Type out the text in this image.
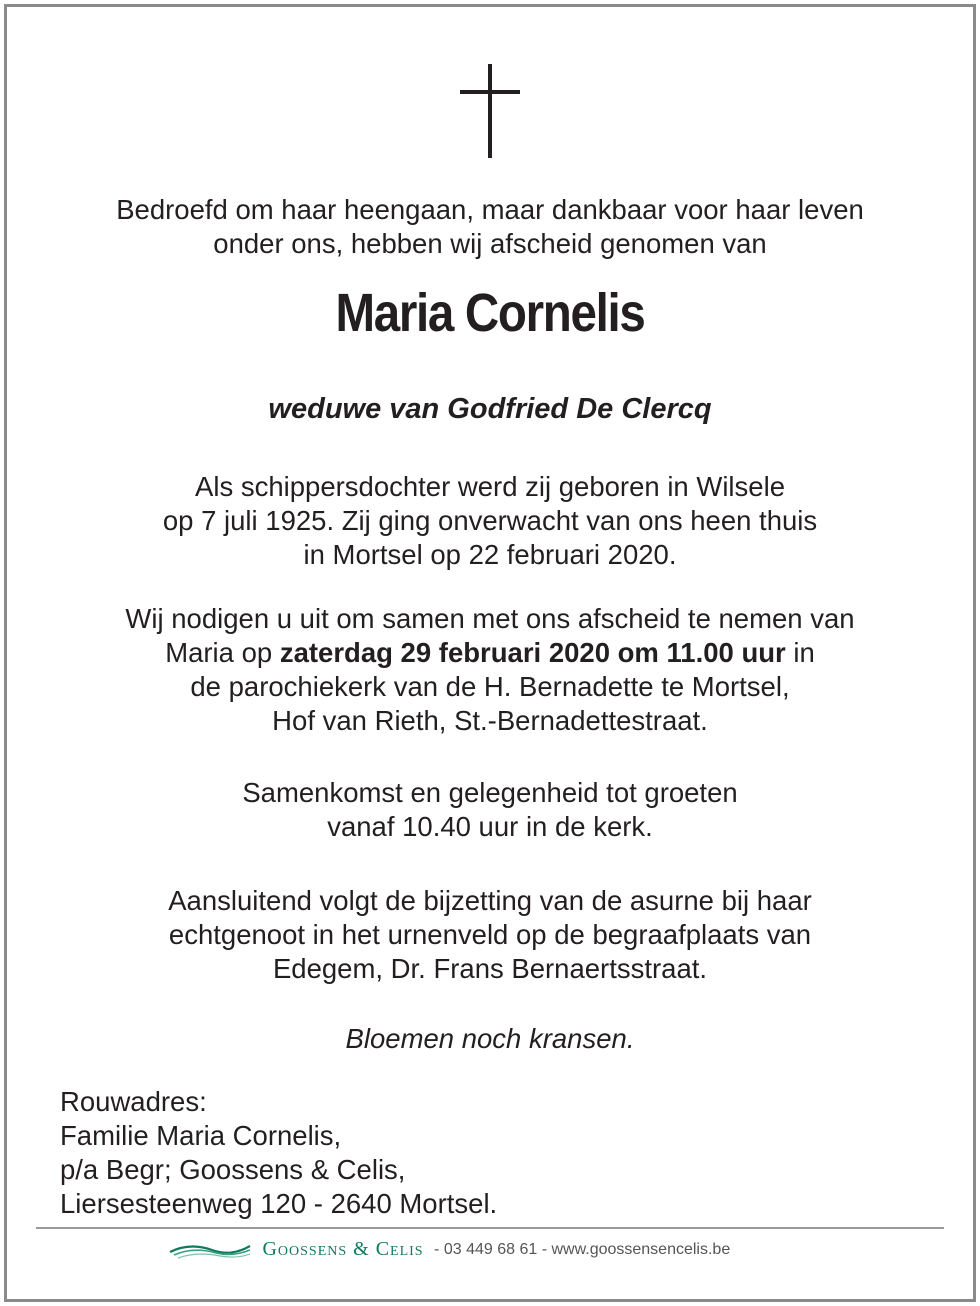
Bedroefd om haar heengaan, maar dankbaar voor haar leven
onder ons, hebben wij afscheid genomen van
Maria Cornelis
weduwe van Godfried De Clercq
Als schippersdochter werd zij geboren in Wilsele
op 7 juli 1925. Zij ging onverwacht van ons heen thuis
in Mortsel op 22 februari 2020.
Wij nodigen u uit om samen met ons afscheid te nemen van
Maria op zaterdag 29 februari 2020 om 11.00 uur in
de parochiekerk van de H. Bernadette te Mortsel,
Hof van Rieth, St.-Bernadettestraat.
Samenkomst en gelegenheid tot groeten
vanaf 10.40 uur in de kerk.
Aansluitend volgt de bijzetting van de asurne bij haar
echtgenoot in het urnenveld op de begraafplaats van
Edegem, Dr. Frans Bernaertsstraat.
Bloemen noch kransen.
Rouwadres:
Familie Maria Cornelis,
p/a Begr; Goossens & Celis,
Liersesteenweg 120 - 2640 Mortsel.
Goossens & Celis - 03 449 68 61 - www.goossensencelis.be
